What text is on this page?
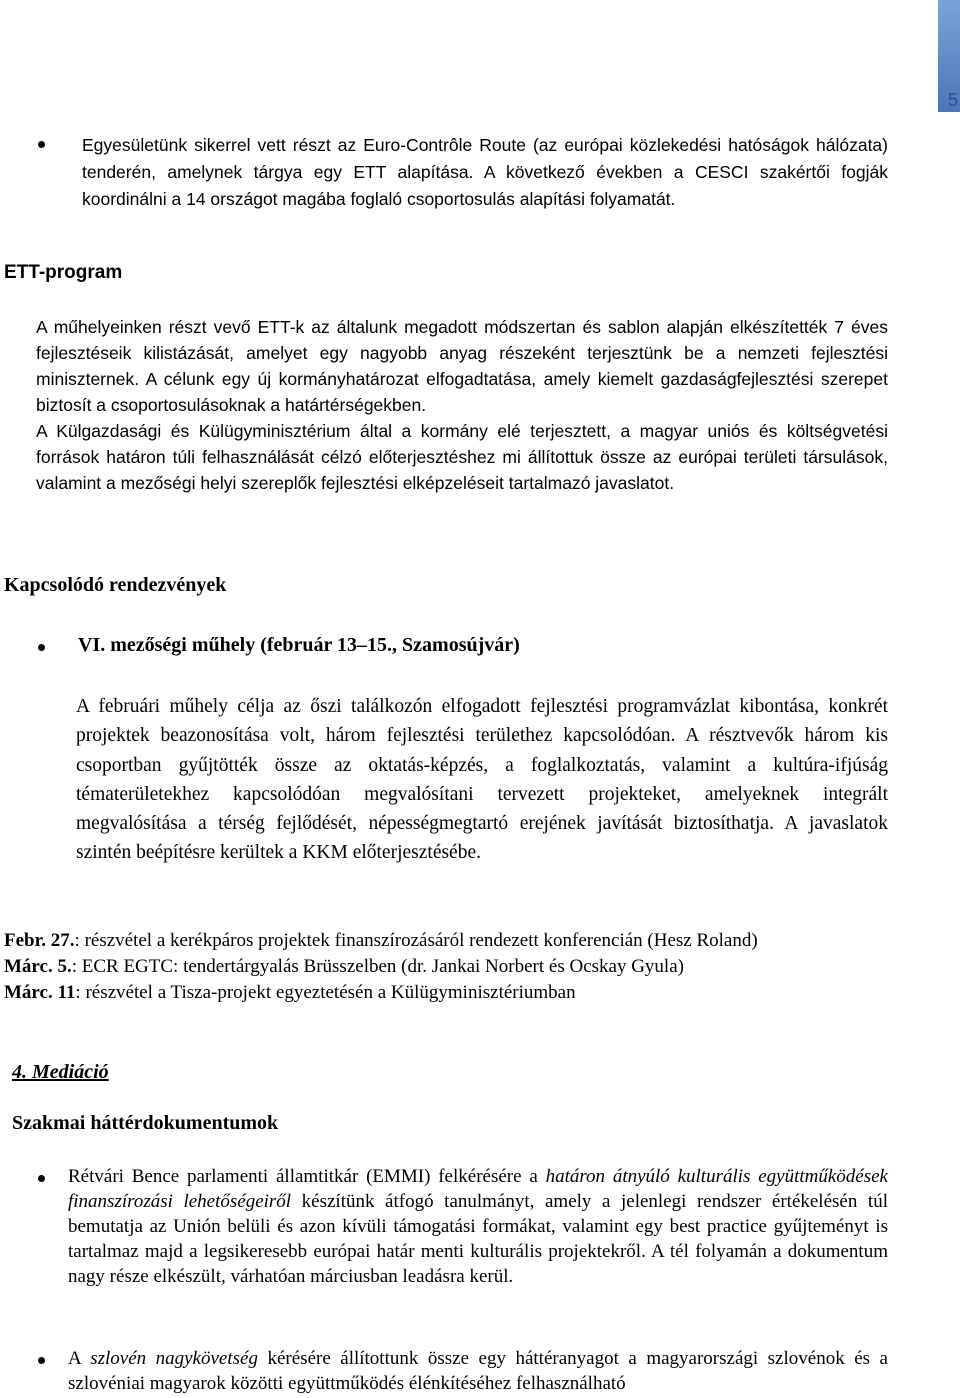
5
Egyesületünk sikerrel vett részt az Euro-Contrôle Route (az európai közlekedési hatóságok hálózata) tenderén, amelynek tárgya egy ETT alapítása. A következő években a CESCI szakértői fogják koordinálni a 14 országot magába foglaló csoportosulás alapítási folyamatát.
ETT-program
A műhelyeinken részt vevő ETT-k az általunk megadott módszertan és sablon alapján elkészítették 7 éves fejlesztéseik kilistázását, amelyet egy nagyobb anyag részeként terjesztünk be a nemzeti fejlesztési miniszternek. A célunk egy új kormányhatározat elfogadtatása, amely kiemelt gazdaságfejlesztési szerepet biztosít a csoportosulásoknak a határtérségekben.
A Külgazdasági és Külügyminisztérium által a kormány elé terjesztett, a magyar uniós és költségvetési források határon túli felhasználását célzó előterjesztéshez mi állítottuk össze az európai területi társulások, valamint a mezőségi helyi szereplők fejlesztési elképzeléseit tartalmazó javaslatot.
Kapcsolódó rendezvények
VI. mezőségi műhely (február 13–15., Szamosújvár)
A februári műhely célja az őszi találkozón elfogadott fejlesztési programvázlat kibontása, konkrét projektek beazonosítása volt, három fejlesztési területhez kapcsolódóan. A résztvevők három kis csoportban gyűjtötték össze az oktatás-képzés, a foglalkoztatás, valamint a kultúra-ifjúság tématerületekhez kapcsolódóan megvalósítani tervezett projekteket, amelyeknek integrált megvalósítása a térség fejlődését, népességmegtartó erejének javítását biztosíthatja. A javaslatok szintén beépítésre kerültek a KKM előterjesztésébe.
Febr. 27.: részvétel a kerékpáros projektek finanszírozásáról rendezett konferencián (Hesz Roland)
Márc. 5.: ECR EGTC: tendertárgyalás Brüsszelben (dr. Jankai Norbert és Ocskay Gyula)
Márc. 11: részvétel a Tisza-projekt egyeztetésén a Külügyminisztériumban
4. Mediáció
Szakmai háttérdokumentumok
Rétvári Bence parlamenti államtitkár (EMMI) felkérésére a határon átnyúló kulturális együttműködések finanszírozási lehetőségeiről készítünk átfogó tanulmányt, amely a jelenlegi rendszer értékelésén túl bemutatja az Unión belüli és azon kívüli támogatási formákat, valamint egy best practice gyűjteményt is tartalmaz majd a legsikeresebb európai határ menti kulturális projektekről. A tél folyamán a dokumentum nagy része elkészült, várhatóan márciusban leadásra kerül.
A szlovén nagykövetség kérésére állítottunk össze egy háttéranyagot a magyarországi szlovénok és a szlovéniai magyarok közötti együttműködés élénkítéséhez felhasználható
